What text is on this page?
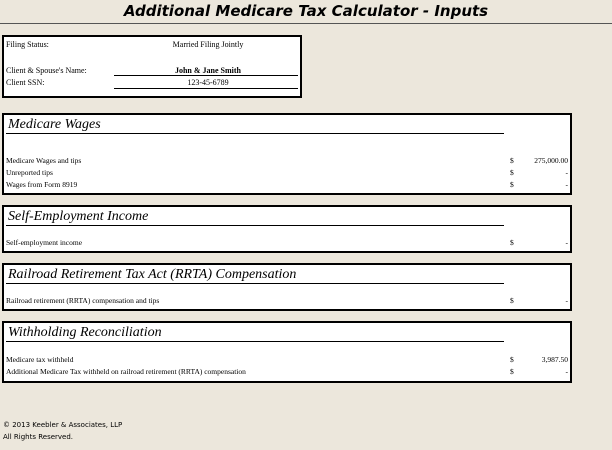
Additional Medicare Tax Calculator - Inputs
Filing Status:	Married Filing Jointly
Client & Spouse's Name:	John & Jane Smith
Client SSN:	123-45-6789
Medicare Wages
Medicare Wages and tips	$	275,000.00
Unreported tips	$	-
Wages from Form 8919	$	-
Self-Employment Income
Self-employment income	$	-
Railroad Retirement Tax Act (RRTA) Compensation
Railroad retirement (RRTA) compensation and tips	$	-
Withholding Reconciliation
Medicare tax withheld	$	3,987.50
Additional Medicare Tax withheld on railroad retirement (RRTA) compensation	$	-
© 2013 Keebler & Associates, LLP
All Rights Reserved.
